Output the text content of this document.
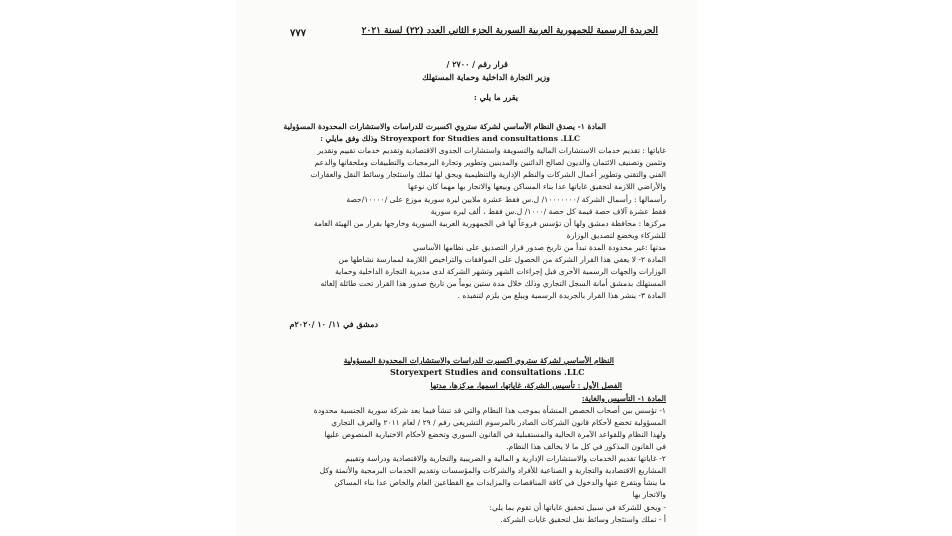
الجريدة الرسمية للجمهورية العربية السورية الجزء الثاني العدد (٢٢) لسنة ٢٠٢١
٧٧٧
قرار رقم / ٢٧٠٠ /
وزير التجارة الداخلية وحماية المستهلك
يقرر ما يلي :
المادة ١- يصدق النظام الأساسي لشركة ستروي اكسبرت للدراسات والاستشارات المحدودة المسؤولية
Stroyexport for Studies and consultations .LLC وذلك وفق مايلي :
غاياتها : تقديم خدمات الاستشارات المالية والتسويقة واستشارات الجدوى الاقتصادية وتقديم خدمات تقييم وتقدير
وتثمين وتصنيف الائتمان والديون لصالح الدائنين والمدينين وتطوير وتجارة البرمجيات والتطبيقات وملحقاتها والدعم
الفني والتقني وتطوير أعمال الشركات والنظم الإدارية والتنظيمية ويحق لها تملك واستئجار وسائط النقل والعقارات
والأراضي اللازمة لتحقيق غاياتها عدا بناء المساكن وبيعها والاتجار بها مهما كان نوعها
رأسمالها : رأسمال الشركة /١٠٠٠٠٠٠٠/ ل.س فقط عشرة ملايين ليرة سورية موزع على /١٠٠٠٠/حصة
فقط عشرة آلاف حصة قيمة كل حصة /١٠٠٠/ ل.س فقط ، ألف ليرة سورية
مركزها : محافظة دمشق ولها أن تؤسس فروعاً لها في الجمهورية العربية السورية وخارجها بقرار من الهيئة العامة
للشركاء ويخضع لتصديق الوزارة
مدتها :غير محدودة المدة تبدأ من تاريخ صدور قرار التصديق على نظامها الأساسي
المادة ٢- لا يعفي هذا القرار الشركة من الحصول على الموافقات والتراخيص اللازمة لممارسة نشاطها من
الوزارات والجهات الرسمية الأخرى قبل إجراءات الشهر وتشهر الشركة لدى مديرية التجارة الداخلية وحماية
المستهلك بدمشق أمانة السجل التجاري وذلك خلال مدة ستين يوماً من تاريخ صدور هذا القرار تحت طائلة إلغائه
المادة ٣- ينشر هذا القرار بالجريدة الرسمية ويبلغ من يلزم لتنفيذه .
دمشق في ١١/ ١٠ /٢٠٢٠م
النظام الأساسي لشركة ستروي اكسبرت للدراسات والاستشارات المحدودة المسؤولية
Storyexpert Studies and consultations .LLC
الفصل الأول : تأسيس الشركة، غاياتها، اسمها، مركزها، مدتها
المادة ١- التأسيس والغاية:
١- تؤسس بين أصحاب الحصص المنشأة بموجب هذا النظام والتي قد تنشأ فيما بعد شركة سورية الجنسية محدودة
المسؤولية تخضع لأحكام قانون الشركات الصادر بالمرسوم التشريعي رقم / ٢٩ / لعام ٢٠١١ والعرف التجاري
ولهذا النظام وللقواعد الآمرة الحالية والمستقبلية في القانون السوري وتخضع لأحكام الاختيارية المنصوص عليها
في القانون المذكور في كل ما لا يخالف هذا النظام.
٢- غاياتها تقديم الخدمات والاستشارات الإدارية و المالية و الضريبية والتجارية والاقتصادية ودراسة وتقييم
المشاريع الاقتصادية والتجارية و الصناعية للأفراد والشركات والمؤسسات وتقديم الخدمات البرمجية والأتمتة وكل
ما ينشأ ويتفرع عنها والدخول في كافة المناقصات والمزايدات مع القطاعين العام والخاص عدا بناء المساكن
والاتجار بها
- ويحق للشركة في سبيل تحقيق غاياتها أن تقوم بما يلي:
أ - تملك واستئجار وسائط نقل لتحقيق غايات الشركة.
